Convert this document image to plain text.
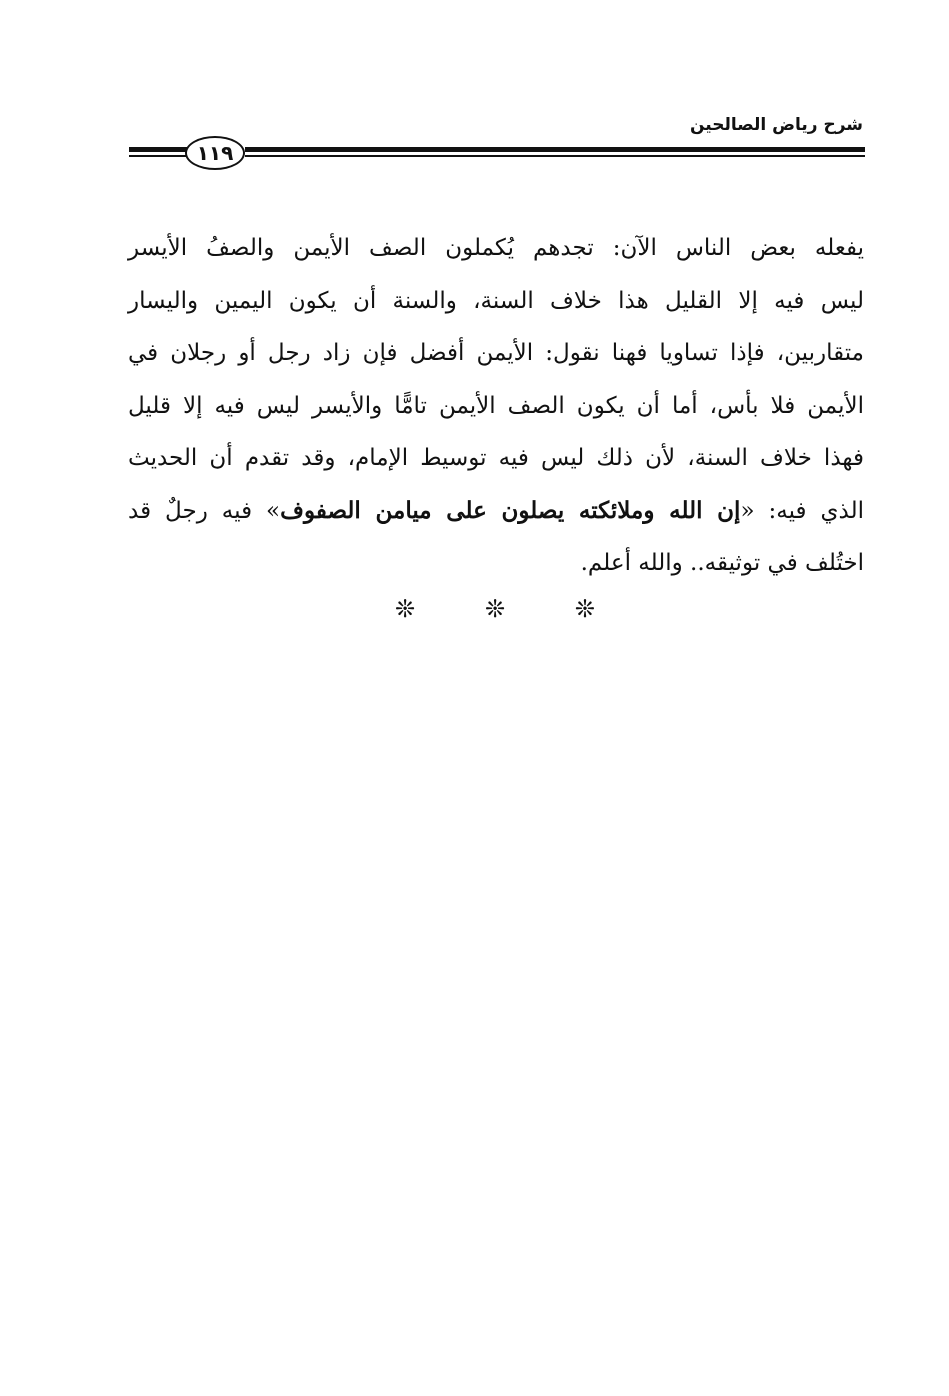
شرح رياض الصالحين
١١٩
يفعله بعض الناس الآن: تجدهم يُكملون الصف الأيمن والصفُ الأيسر
ليس فيه إلا القليل هذا خلاف السنة، والسنة أن يكون اليمين واليسار
متقاربين، فإذا تساويا فهنا نقول: الأيمن أفضل فإن زاد رجل أو رجلان في
الأيمن فلا بأس، أما أن يكون الصف الأيمن تامًّا والأيسر ليس فيه إلا قليل
فهذا خلاف السنة، لأن ذلك ليس فيه توسيط الإمام، وقد تقدم أن الحديث
الذي فيه: «إن الله وملائكته يصلون على ميامن الصفوف» فيه رجلٌ قد
اختُلف في توثيقه.. والله أعلم.
❊	❊	❊
